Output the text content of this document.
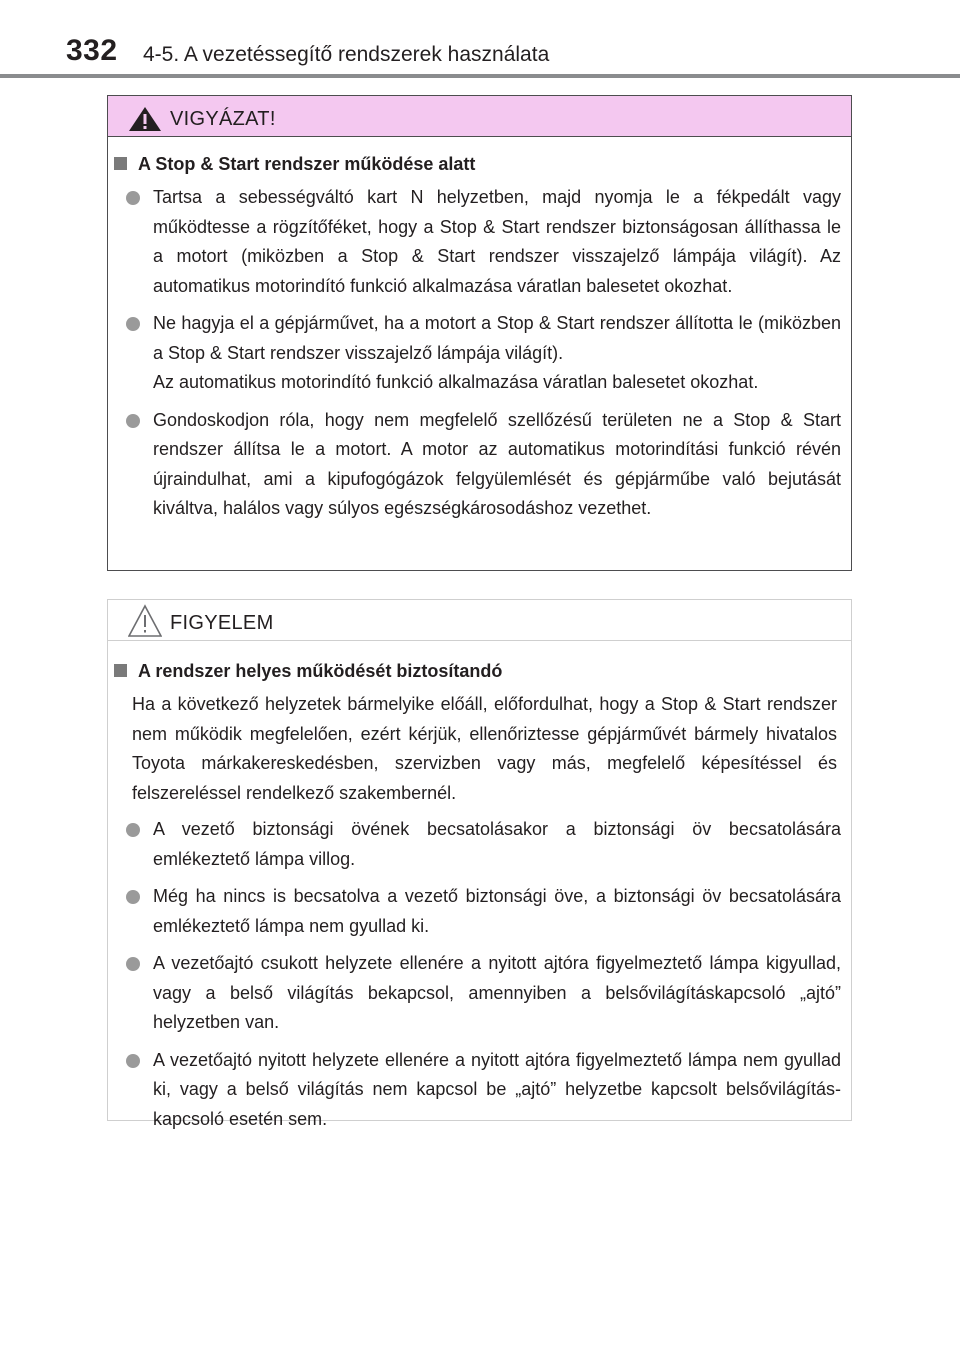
332 4-5. A vezetéssegítő rendszerek használata
VIGYÁZAT!
A Stop & Start rendszer működése alatt
Tartsa a sebességváltó kart N helyzetben, majd nyomja le a fékpedált vagy működtesse a rögzítőféket, hogy a Stop & Start rendszer biztonságosan állíthassa le a motort (miközben a Stop & Start rendszer visszajelző lámpája világít). Az automatikus motorindító funkció alkalmazása váratlan balesetet okozhat.
Ne hagyja el a gépjárművet, ha a motort a Stop & Start rendszer állította le (miközben a Stop & Start rendszer visszajelző lámpája világít).
Az automatikus motorindító funkció alkalmazása váratlan balesetet okozhat.
Gondoskodjon róla, hogy nem megfelelő szellőzésű területen ne a Stop & Start rendszer állítsa le a motort. A motor az automatikus motorindítási funkció révén újraindulhat, ami a kipufogógázok felgyülemlését és gépjárműbe való bejutását kiváltva, halálos vagy súlyos egészségkárosodáshoz vezethet.
FIGYELEM
A rendszer helyes működését biztosítandó
Ha a következő helyzetek bármelyike előáll, előfordulhat, hogy a Stop & Start rendszer nem működik megfelelően, ezért kérjük, ellenőriztesse gépjárművét bármely hivatalos Toyota márkakereskedésben, szervizben vagy más, megfelelő képesítéssel és felszereléssel rendelkező szakembernél.
A vezető biztonsági övének becsatolásakor a biztonsági öv becsatolására emlékeztető lámpa villog.
Még ha nincs is becsatolva a vezető biztonsági öve, a biztonsági öv becsatolására emlékeztető lámpa nem gyullad ki.
A vezetőajtó csukott helyzete ellenére a nyitott ajtóra figyelmeztető lámpa kigyullad, vagy a belső világítás bekapcsol, amennyiben a belsővilágításkapcsoló „ajtó” helyzetben van.
A vezetőajtó nyitott helyzete ellenére a nyitott ajtóra figyelmeztető lámpa nem gyullad ki, vagy a belső világítás nem kapcsol be „ajtó” helyzetbe kapcsolt belsővilágítás-kapcsoló esetén sem.
